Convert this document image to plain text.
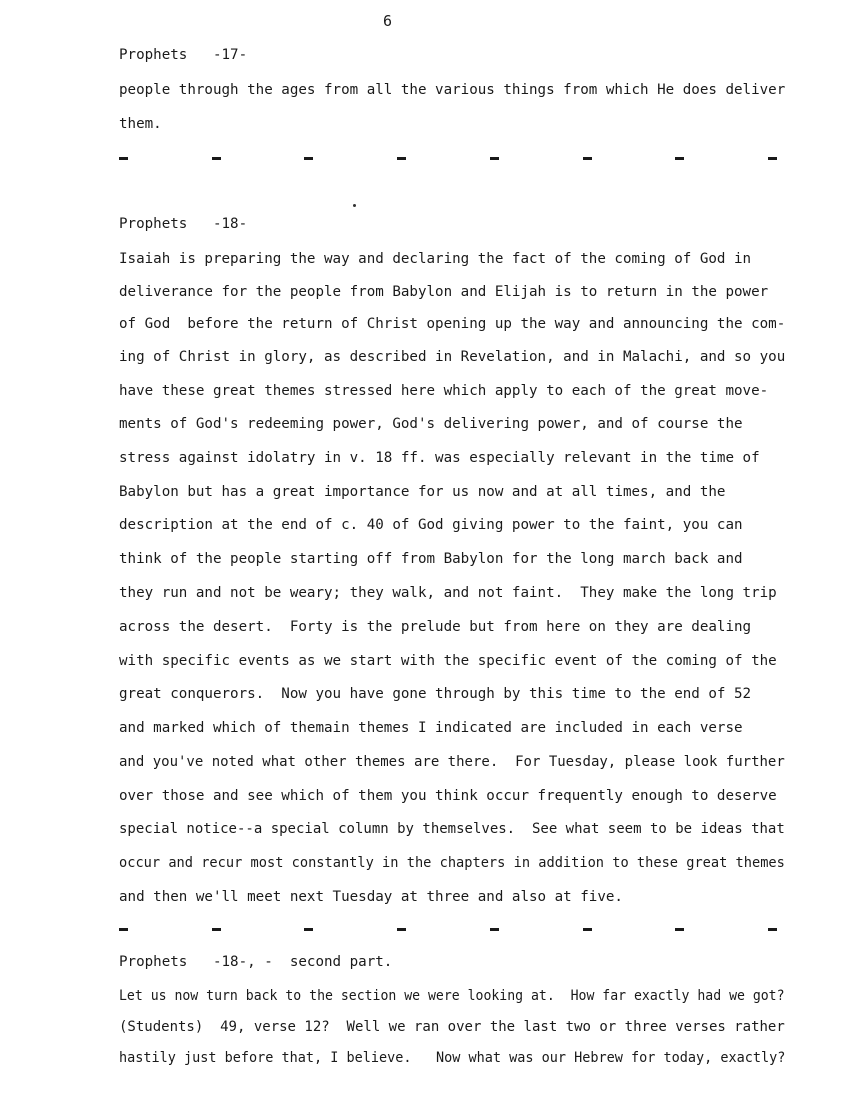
6
Prophets   -17-
people through the ages from all the various things from which He does deliver
them.
Prophets   -18-
Isaiah is preparing the way and declaring the fact of the coming of God in
deliverance for the people from Babylon and Elijah is to return in the power
of God  before the return of Christ opening up the way and announcing the com-
ing of Christ in glory, as described in Revelation, and in Malachi, and so you
have these great themes stressed here which apply to each of the great move-
ments of God's redeeming power, God's delivering power, and of course the
stress against idolatry in v. 18 ff. was especially relevant in the time of
Babylon but has a great importance for us now and at all times, and the
description at the end of c. 40 of God giving power to the faint, you can
think of the people starting off from Babylon for the long march back and
they run and not be weary; they walk, and not faint.  They make the long trip
across the desert.  Forty is the prelude but from here on they are dealing
with specific events as we start with the specific event of the coming of the
great conquerors.  Now you have gone through by this time to the end of 52
and marked which of themain themes I indicated are included in each verse
and you've noted what other themes are there.  For Tuesday, please look further
over those and see which of them you think occur frequently enough to deserve
special notice--a special column by themselves.  See what seem to be ideas that
occur and recur most constantly in the chapters in addition to these great themes
and then we'll meet next Tuesday at three and also at five.
Prophets   -18-, -  second part.
Let us now turn back to the section we were looking at.  How far exactly had we got?
(Students)  49, verse 12?  Well we ran over the last two or three verses rather
hastily just before that, I believe.   Now what was our Hebrew for today, exactly?
